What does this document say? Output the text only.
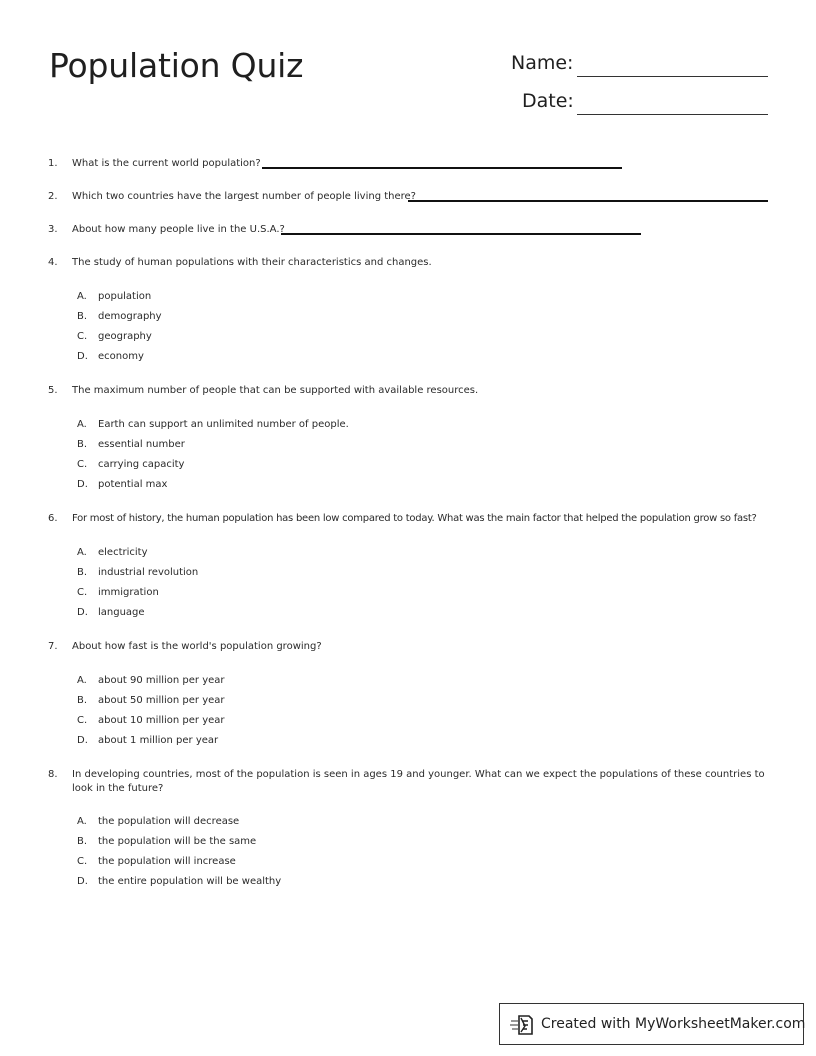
Population Quiz	Name:
Date:
1. What is the current world population?
2. Which two countries have the largest number of people living there?
3. About how many people live in the U.S.A.?
4. The study of human populations with their characteristics and changes.
A. population
B. demography
C. geography
D. economy
5. The maximum number of people that can be supported with available resources.
A. Earth can support an unlimited number of people.
B. essential number
C. carrying capacity
D. potential max
6. For most of history, the human population has been low compared to today. What was the main factor that helped the population grow so fast?
A. electricity
B. industrial revolution
C. immigration
D. language
7. About how fast is the world's population growing?
A. about 90 million per year
B. about 50 million per year
C. about 10 million per year
D. about 1 million per year
8. In developing countries, most of the population is seen in ages 19 and younger. What can we expect the populations of these countries to look in the future?
A. the population will decrease
B. the population will be the same
C. the population will increase
D. the entire population will be wealthy
Created with MyWorksheetMaker.com
